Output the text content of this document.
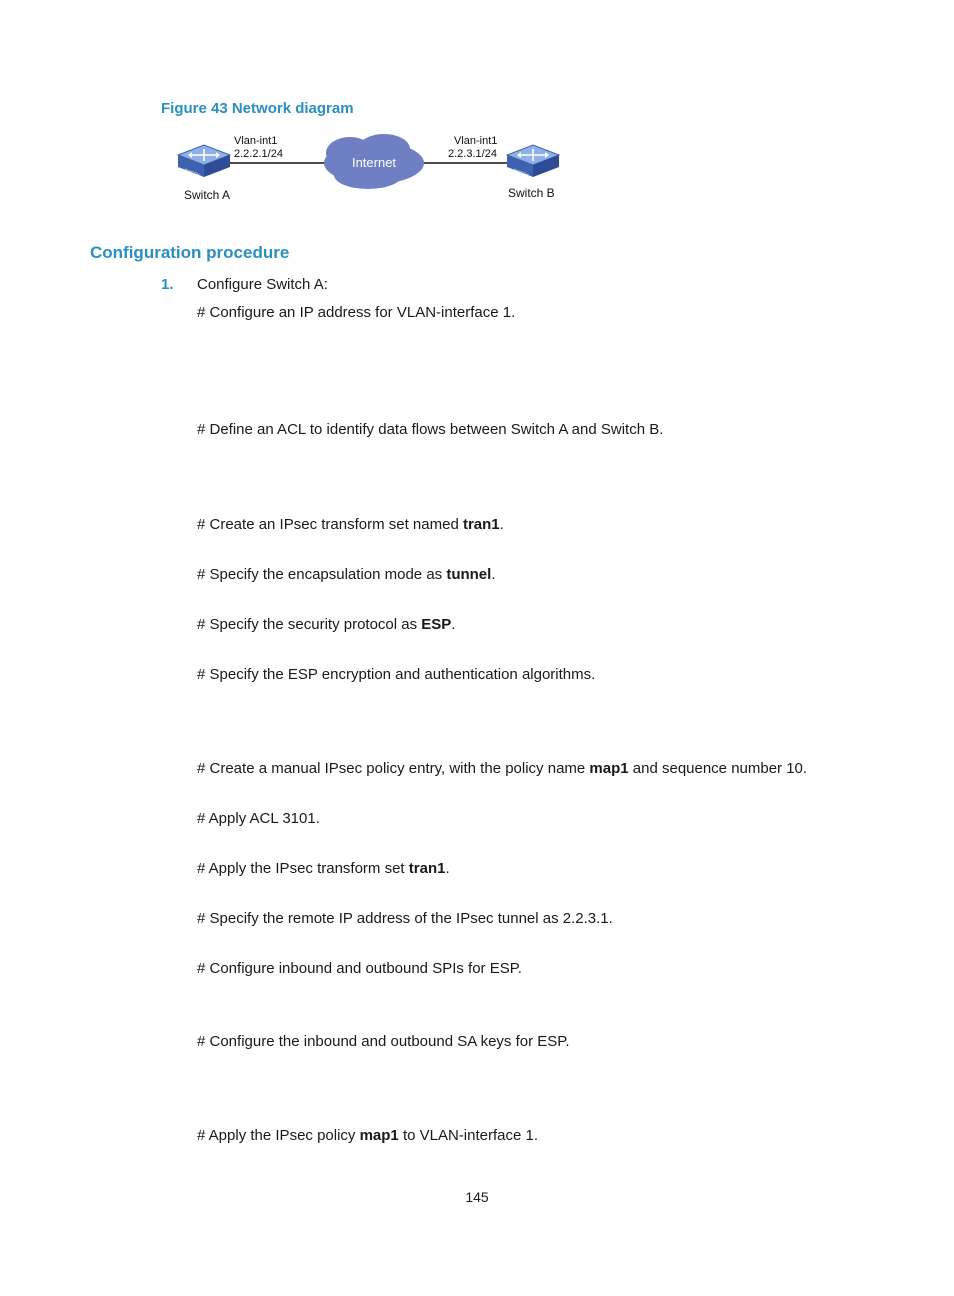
Figure 43 Network diagram
SWITCH
Internet
SWITCH
Vlan-int1
2.2.2.1/24
Switch A
Vlan-int1
2.2.3.1/24
Switch B
Configuration procedure
1. Configure Switch A:
# Configure an IP address for VLAN-interface 1.
# Define an ACL to identify data flows between Switch A and Switch B.
# Create an IPsec transform set named tran1.
# Specify the encapsulation mode as tunnel.
# Specify the security protocol as ESP.
# Specify the ESP encryption and authentication algorithms.
# Create a manual IPsec policy entry, with the policy name map1 and sequence number 10.
# Apply ACL 3101.
# Apply the IPsec transform set tran1.
# Specify the remote IP address of the IPsec tunnel as 2.2.3.1.
# Configure inbound and outbound SPIs for ESP.
# Configure the inbound and outbound SA keys for ESP.
# Apply the IPsec policy map1 to VLAN-interface 1.
145
